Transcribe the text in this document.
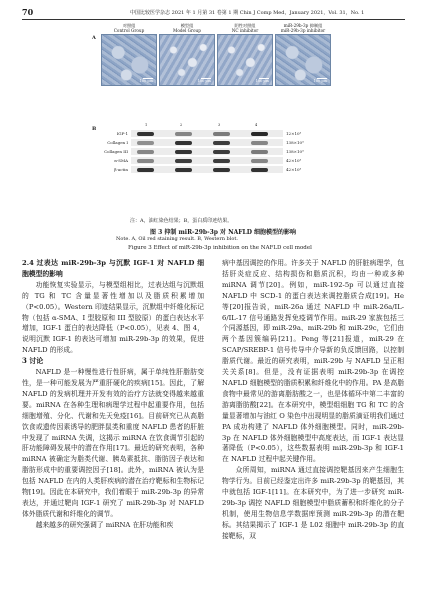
70	中国比较医学杂志 2021 年 1 月第 31 卷第 1 期 Chin J Comp Med，January 2021，Vol. 31，No. 1
A
对照组
Control Group
模型组
Model Group
阴性对照组
NC inhibitor
miR-29b-3p 抑制组
miR-29b-3p inhibitor
100 μm	100 μm	100 μm	100 μm
B
1	2	3	4
IGF-1	12×10³
Collagen I	138×10³
Collagen III	138×10³
α-SMA	42×10³
β-actin	42×10³
注：A，油红染色结果；B，蛋白质印迹结果。
图 3 抑制 miR-29b-3p 对 NAFLD 细胞模型的影响
Note. A, Oil red staining result. B, Western blot.
Figure 3 Effect of miR-29b-3p inhibition on the NAFLD cell model

2.4 过表达 miR-29b-3p 与沉默 IGF-1 对 NAFLD 细胞模型的影响

功能恢复实验显示，与模型组相比，过表达组与沉默组的 TG 和 TC 含量显著性增加以及脂质积累增加（P<0.05）。Western 印迹结果显示，沉默组中纤维化标记物（包括 α-SMA、I 型胶原和 III 型胶原）的蛋白表达水平增加，IGF-1 蛋白的表达降低（P<0.05），见表 4、图 4，说明沉默 IGF-1 的表达可增加 miR-29b-3p 的效果，促进 NAFLD 的形成。

3 讨论

NAFLD 是一种慢性进行性肝病，属于单纯性肝脂肪变性，是一种可能发展为严重肝硬化的疾病[15]。因此，了解 NAFLD 的发病机理并开发有效的治疗方法就变得越来越重要。miRNA 在各种生理和病理学过程中起重要作用，包括细胞增殖、分化、代谢和先天免疫[16]。目前研究已从高脂饮食或遗传因素诱导的肥胖鼠类和重度 NAFLD 患者的肝脏中发现了 miRNA 失调，这揭示 miRNA 在饮食调节引起的肝功能障碍发展中的潜在作用[17]。最近的研究表明，各种 miRNA 被确定为脂类代谢、胰岛素抵抗、脂肪因子表达和脂肪形成中的重要调控因子[18]。此外，miRNA 被认为是包括 NAFLD 在内的人类肝疾病的潜在治疗靶标和生物标记物[19]。因此在本研究中，我们着眼于 miR-29b-3p 的异常表达，并通过靶向 IGF-1 研究了 miR-29b-3p 对 NAFLD 体外脂质代谢和纤维化的调节。

越来越多的研究强调了 miRNA 在肝功能和疾

病中基因调控的作用。许多关于 NAFLD 的肝脏病理学，包括肝炎症反应、结构损伤和脂质沉积，均由一种或多种 miRNA 调节[20]。例如，miR-192-5p 可以通过直接 NAFLD 中 SCD-1 的蛋白表达来调控脂质合成[19]。He 等[20]报告说，miR-26a 通过 NAFLD 中 miR-26a/IL-6/IL-17 信号通路发挥免疫调节作用。miR-29 家族包括三个同源基因，即 miR-29a、miR-29b 和 miR-29c，它们由两个基因簇编码[21]。Peng 等[21]报道，miR-29 在 SCAP/SREBP-1 信号传导中介导新的负反馈回路，以控制脂质代谢。最近的研究表明，miR-29b 与 NAFLD 呈正相关关系[8]。但是，没有证据表明 miR-29b-3p 在调控 NAFLD 细胞模型的脂质积累和纤维化中的作用。PA 是高脂食物中最常见的游离脂肪酸之一，也是体循环中第二丰富的游离脂肪酸[22]。在本研究中，模型组细胞 TG 和 TC 的含量显著增加与油红 O 染色中出现明显的脂质滴证明我们通过 PA 成功构建了 NAFLD 体外细胞模型。同时，miR-29b-3p 在 NAFLD 体外细胞模型中高度表达，而 IGF-1 表达显著降低（P<0.05），这些数据表明 miR-29b-3p 和 IGF-1 在 NAFLD 过程中起关键作用。

众所周知，miRNA 通过直接调控靶基因来产生细胞生物学行为。目前已经鉴定出许多 miR-29b-3p 的靶基因，其中就包括 IGF-1[11]。在本研究中，为了进一步研究 miR-29b-3p 调控 NAFLD 细胞模型中脂质蓄积和纤维化的分子机制，使用生物信息学数据库预测 miR-29b-3p 的潜在靶标。其结果揭示了 IGF-1 是 L02 细胞中 miR-29b-3p 的直接靶标，双
